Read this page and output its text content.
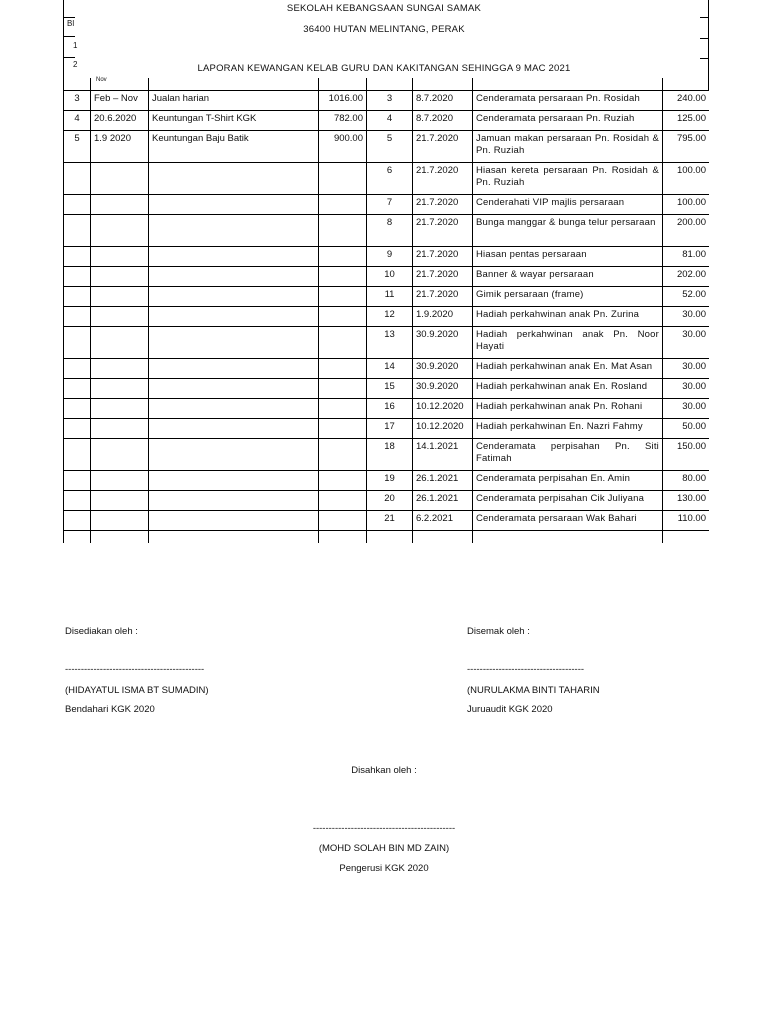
Bl
1
2
Nov
SEKOLAH KEBANGSAAN SUNGAI SAMAK
36400 HUTAN MELINTANG, PERAK
LAPORAN KEWANGAN KELAB GURU DAN KAKITANGAN SEHINGGA 9 MAC 2021
3	Feb – Nov	Jualan harian	1016.00	3	8.7.2020	Cenderamata persaraan Pn. Rosidah	240.00
4	20.6.2020	Keuntungan T-Shirt KGK	782.00	4	8.7.2020	Cenderamata persaraan Pn. Ruziah	125.00
5	1.9 2020	Keuntungan Baju Batik	900.00	5	21.7.2020	Jamuan makan persaraan Pn. Rosidah & Pn. Ruziah	795.00
				6	21.7.2020	Hiasan kereta persaraan Pn. Rosidah & Pn. Ruziah	100.00
				7	21.7.2020	Cenderahati VIP majlis persaraan	100.00
				8	21.7.2020	Bunga manggar & bunga telur persaraan	200.00
				9	21.7.2020	Hiasan pentas persaraan	81.00
				10	21.7.2020	Banner & wayar persaraan	202.00
				11	21.7.2020	Gimik persaraan (frame)	52.00
				12	1.9.2020	Hadiah perkahwinan anak Pn. Zurina	30.00
				13	30.9.2020	Hadiah perkahwinan anak Pn. Noor Hayati	30.00
				14	30.9.2020	Hadiah perkahwinan anak En. Mat Asan	30.00
				15	30.9.2020	Hadiah perkahwinan anak En. Rosland	30.00
				16	10.12.2020	Hadiah perkahwinan anak Pn. Rohani	30.00
				17	10.12.2020	Hadiah perkahwinan En. Nazri Fahmy	50.00
				18	14.1.2021	Cenderamata perpisahan Pn. Siti Fatimah	150.00
				19	26.1.2021	Cenderamata perpisahan En. Amin	80.00
				20	26.1.2021	Cenderamata perpisahan Cik Juliyana	130.00
				21	6.2.2021	Cenderamata persaraan Wak Bahari	110.00

Disediakan oleh :
--------------------------------------------
(HIDAYATUL ISMA BT SUMADIN)
Bendahari KGK 2020
Disemak oleh :
-------------------------------------
(NURULAKMA BINTI TAHARIN
Juruaudit KGK 2020
Disahkan oleh :
---------------------------------------------
(MOHD SOLAH BIN MD ZAIN)
Pengerusi KGK 2020
